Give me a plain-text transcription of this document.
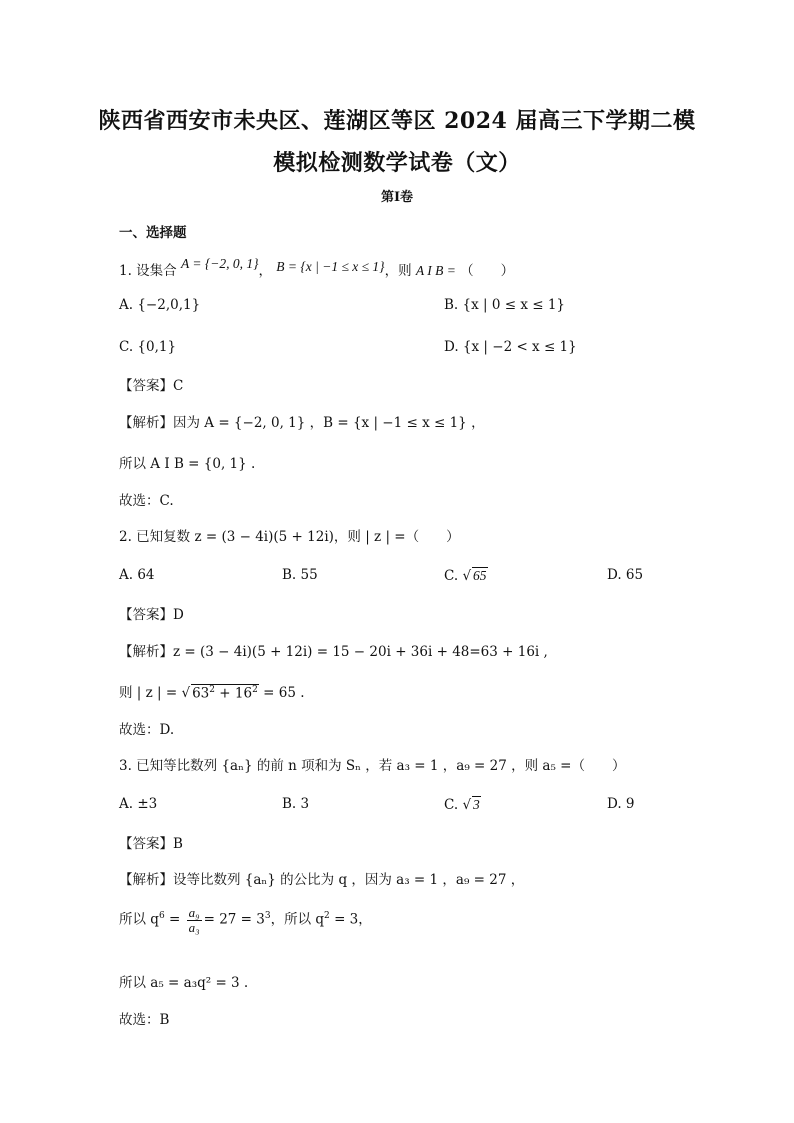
陕西省西安市未央区、莲湖区等区 2024 届高三下学期二模
模拟检测数学试卷（文）
第Ⅰ卷
一、选择题
1. 设集合 A = {−2, 0, 1}， B = {x | −1 ≤ x ≤ 1}，则 A I B = （　　）
A. {−2,0,1}	B. {x | 0 ≤ x ≤ 1}
C. {0,1}	D. {x | −2 < x ≤ 1}
【答案】C
【解析】因为 A = {−2, 0, 1} ，B = {x | −1 ≤ x ≤ 1} ，
所以 A I B = {0, 1} .
故选：C.
2. 已知复数 z = (3 − 4i)(5 + 12i)，则 | z | =（　　）
A. 64	B. 55	C. √ 65	D. 65
【答案】D
【解析】z = (3 − 4i)(5 + 12i) = 15 − 20i + 36i + 48=63 + 16i ,
则 | z | = √ $63^2 + 16^2 = 65$ .
故选：D.
3. 已知等比数列 {aₙ} 的前 n 项和为 Sₙ ，若 a₃ = 1 ，a₉ = 27 ，则 a₅ =（　　）
A. ±3	B. 3	C. √ 3	D. 9
【答案】B
【解析】设等比数列 {aₙ} 的公比为 q ，因为 a₃ = 1 ，a₉ = 27 ，
所以 $q^6 = \frac{\text{a₉}}{\text{a₃}} = 27 = 3^3$，所以 $q^2 = 3$，
所以 a₅ = a₃q² = 3 .
故选：B
